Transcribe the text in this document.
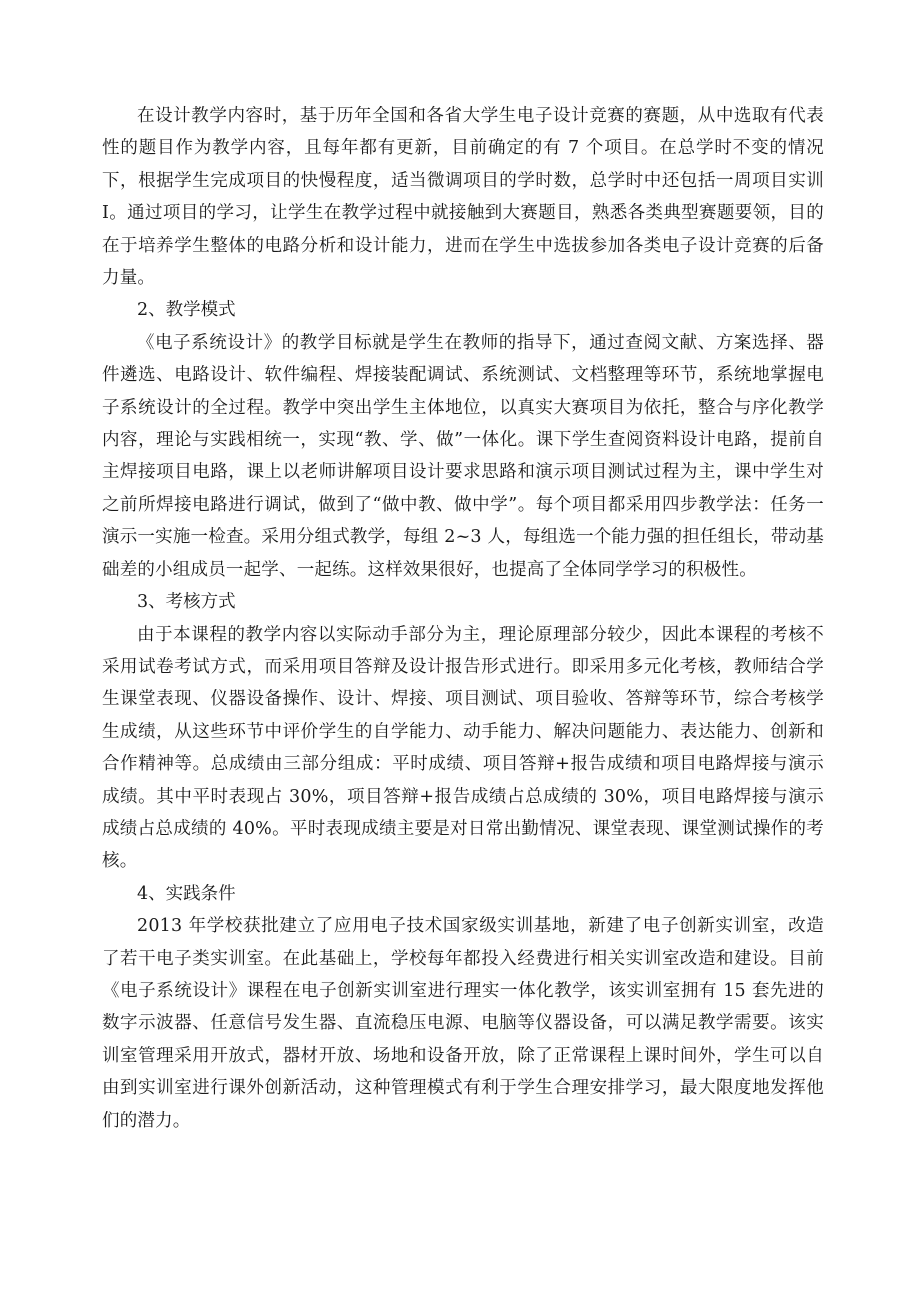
在设计教学内容时，基于历年全国和各省大学生电子设计竞赛的赛题，从中选取有代表性的题目作为教学内容，且每年都有更新，目前确定的有 7 个项目。在总学时不变的情况下，根据学生完成项目的快慢程度，适当微调项目的学时数，总学时中还包括一周项目实训 I。通过项目的学习，让学生在教学过程中就接触到大赛题目，熟悉各类典型赛题要领，目的在于培养学生整体的电路分析和设计能力，进而在学生中选拔参加各类电子设计竞赛的后备力量。

2、教学模式

《电子系统设计》的教学目标就是学生在教师的指导下，通过查阅文献、方案选择、器件遴选、电路设计、软件编程、焊接装配调试、系统测试、文档整理等环节，系统地掌握电子系统设计的全过程。教学中突出学生主体地位，以真实大赛项目为依托，整合与序化教学内容，理论与实践相统一，实现“教、学、做”一体化。课下学生查阅资料设计电路，提前自主焊接项目电路，课上以老师讲解项目设计要求思路和演示项目测试过程为主，课中学生对之前所焊接电路进行调试，做到了“做中教、做中学”。每个项目都采用四步教学法：任务一演示一实施一检查。采用分组式教学，每组 2~3 人，每组选一个能力强的担任组长，带动基础差的小组成员一起学、一起练。这样效果很好，也提高了全体同学学习的积极性。

3、考核方式

由于本课程的教学内容以实际动手部分为主，理论原理部分较少，因此本课程的考核不采用试卷考试方式，而采用项目答辩及设计报告形式进行。即采用多元化考核，教师结合学生课堂表现、仪器设备操作、设计、焊接、项目测试、项目验收、答辩等环节，综合考核学生成绩，从这些环节中评价学生的自学能力、动手能力、解决问题能力、表达能力、创新和合作精神等。总成绩由三部分组成：平时成绩、项目答辩+报告成绩和项目电路焊接与演示成绩。其中平时表现占 30%，项目答辩+报告成绩占总成绩的 30%，项目电路焊接与演示成绩占总成绩的 40%。平时表现成绩主要是对日常出勤情况、课堂表现、课堂测试操作的考核。

4、实践条件

2013 年学校获批建立了应用电子技术国家级实训基地，新建了电子创新实训室，改造了若干电子类实训室。在此基础上，学校每年都投入经费进行相关实训室改造和建设。目前《电子系统设计》课程在电子创新实训室进行理实一体化教学，该实训室拥有 15 套先进的数字示波器、任意信号发生器、直流稳压电源、电脑等仪器设备，可以满足教学需要。该实训室管理采用开放式，器材开放、场地和设备开放，除了正常课程上课时间外，学生可以自由到实训室进行课外创新活动，这种管理模式有利于学生合理安排学习，最大限度地发挥他们的潜力。
